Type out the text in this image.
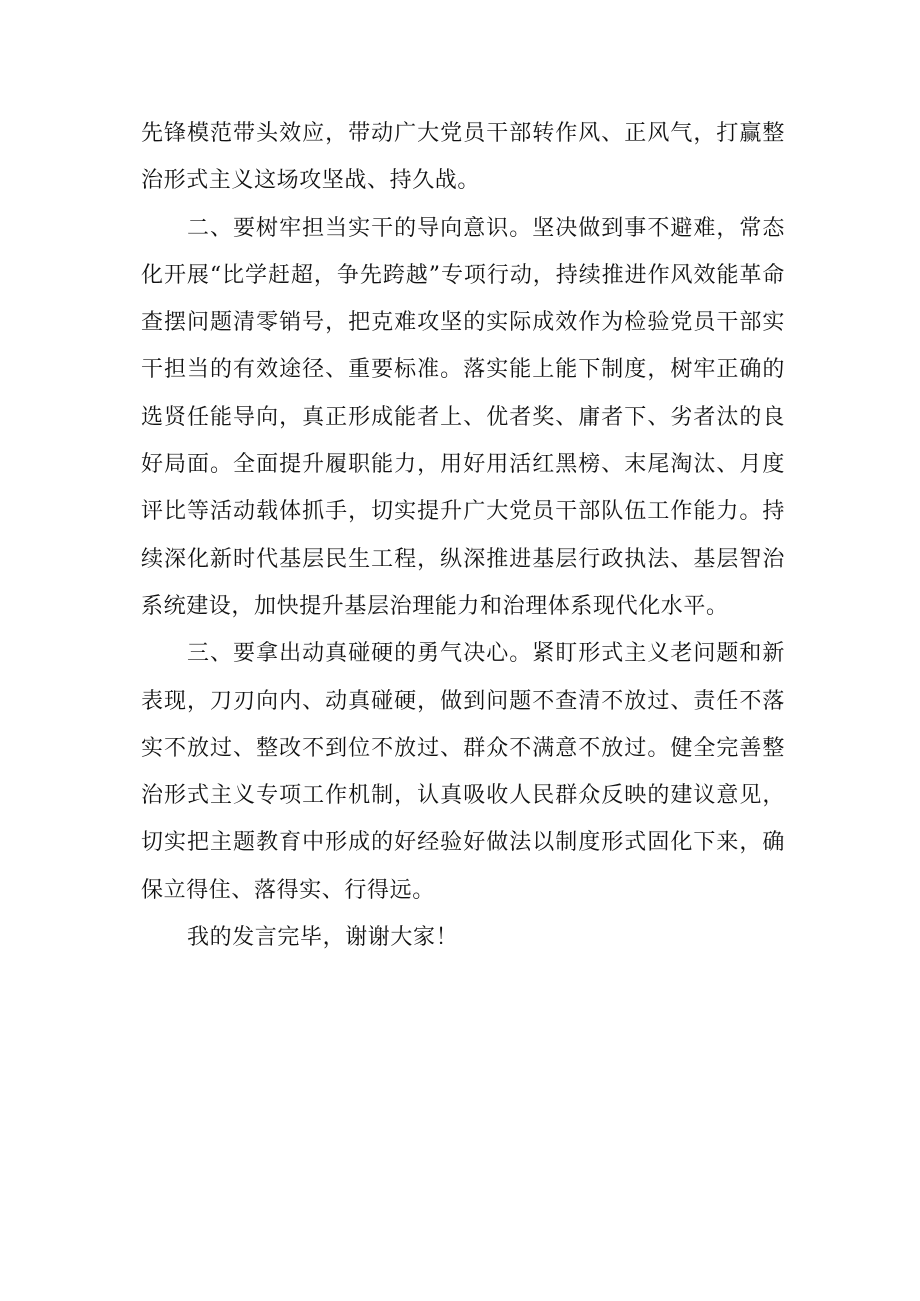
先锋模范带头效应，带动广大党员干部转作风、正风气，打赢整治形式主义这场攻坚战、持久战。

二、要树牢担当实干的导向意识。坚决做到事不避难，常态化开展“比学赶超，争先跨越”专项行动，持续推进作风效能革命查摆问题清零销号，把克难攻坚的实际成效作为检验党员干部实干担当的有效途径、重要标准。落实能上能下制度，树牢正确的选贤任能导向，真正形成能者上、优者奖、庸者下、劣者汰的良好局面。全面提升履职能力，用好用活红黑榜、末尾淘汰、月度评比等活动载体抓手，切实提升广大党员干部队伍工作能力。持续深化新时代基层民生工程，纵深推进基层行政执法、基层智治系统建设，加快提升基层治理能力和治理体系现代化水平。

三、要拿出动真碰硬的勇气决心。紧盯形式主义老问题和新表现，刀刃向内、动真碰硬，做到问题不查清不放过、责任不落实不放过、整改不到位不放过、群众不满意不放过。健全完善整治形式主义专项工作机制，认真吸收人民群众反映的建议意见，切实把主题教育中形成的好经验好做法以制度形式固化下来，确保立得住、落得实、行得远。

我的发言完毕，谢谢大家！
